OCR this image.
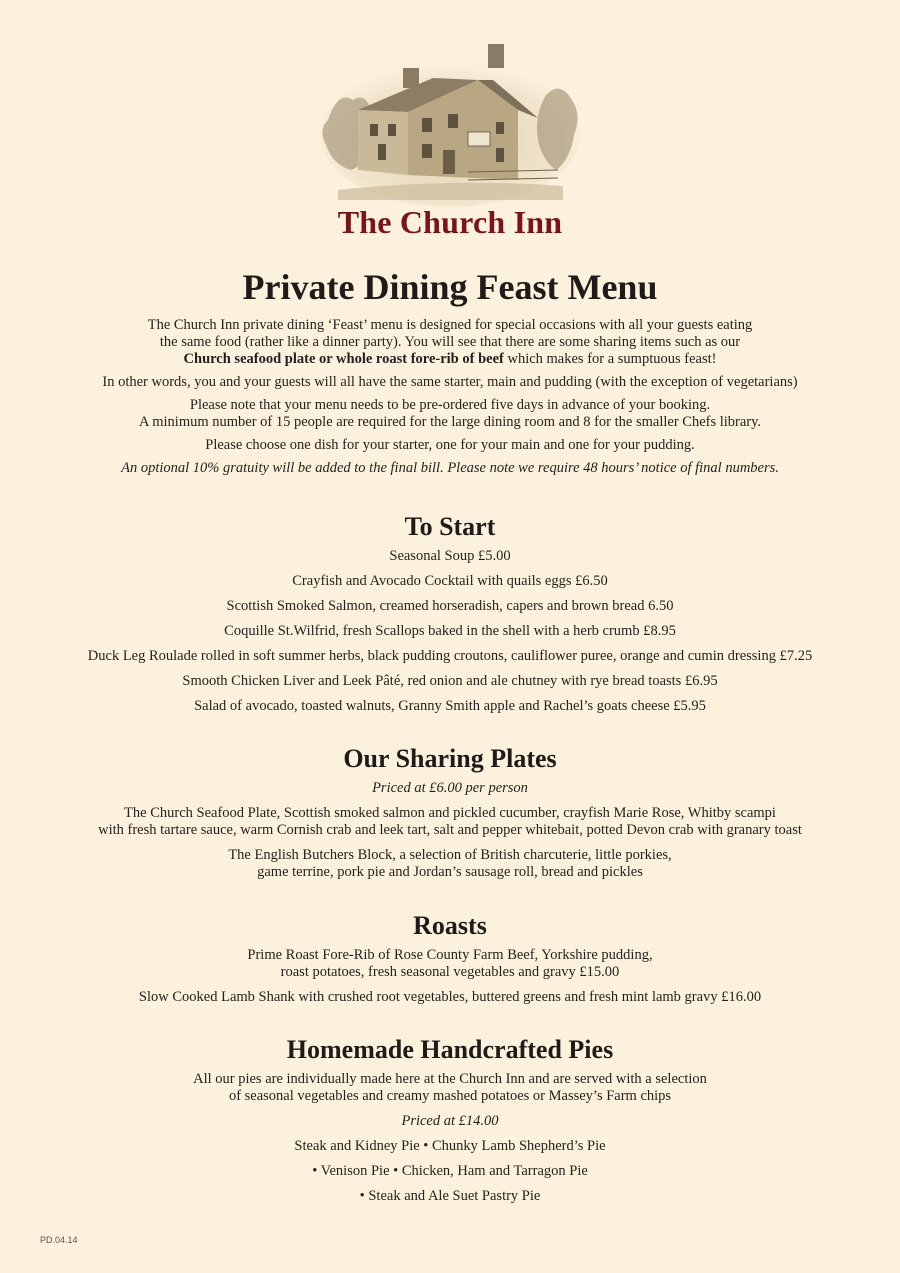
The Church Inn
Private Dining Feast Menu

The Church Inn private dining ‘Feast’ menu is designed for special occasions with all your guests eating
the same food (rather like a dinner party). You will see that there are some sharing items such as our
Church seafood plate or whole roast fore-rib of beef which makes for a sumptuous feast!

In other words, you and your guests will all have the same starter, main and pudding (with the exception of vegetarians)

Please note that your menu needs to be pre-ordered five days in advance of your booking.
A minimum number of 15 people are required for the large dining room and 8 for the smaller Chefs library.

Please choose one dish for your starter, one for your main and one for your pudding.

An optional 10% gratuity will be added to the final bill. Please note we require 48 hours’ notice of final numbers.

To Start

Seasonal Soup £5.00

Crayfish and Avocado Cocktail with quails eggs £6.50

Scottish Smoked Salmon, creamed horseradish, capers and brown bread 6.50

Coquille St.Wilfrid, fresh Scallops baked in the shell with a herb crumb £8.95

Duck Leg Roulade rolled in soft summer herbs, black pudding croutons, cauliflower puree, orange and cumin dressing £7.25

Smooth Chicken Liver and Leek Pâté, red onion and ale chutney with rye bread toasts £6.95

Salad of avocado, toasted walnuts, Granny Smith apple and Rachel’s goats cheese £5.95

Our Sharing Plates

Priced at £6.00 per person

The Church Seafood Plate, Scottish smoked salmon and pickled cucumber, crayfish Marie Rose, Whitby scampi
with fresh tartare sauce, warm Cornish crab and leek tart, salt and pepper whitebait, potted Devon crab with granary toast

The English Butchers Block, a selection of British charcuterie, little porkies,
game terrine, pork pie and Jordan’s sausage roll, bread and pickles

Roasts

Prime Roast Fore-Rib of Rose County Farm Beef, Yorkshire pudding,
roast potatoes, fresh seasonal vegetables and gravy £15.00

Slow Cooked Lamb Shank with crushed root vegetables, buttered greens and fresh mint lamb gravy £16.00

Homemade Handcrafted Pies

All our pies are individually made here at the Church Inn and are served with a selection
of seasonal vegetables and creamy mashed potatoes or Massey’s Farm chips

Priced at £14.00

Steak and Kidney Pie • Chunky Lamb Shepherd’s Pie

• Venison Pie • Chicken, Ham and Tarragon Pie

• Steak and Ale Suet Pastry Pie

PD.04.14
